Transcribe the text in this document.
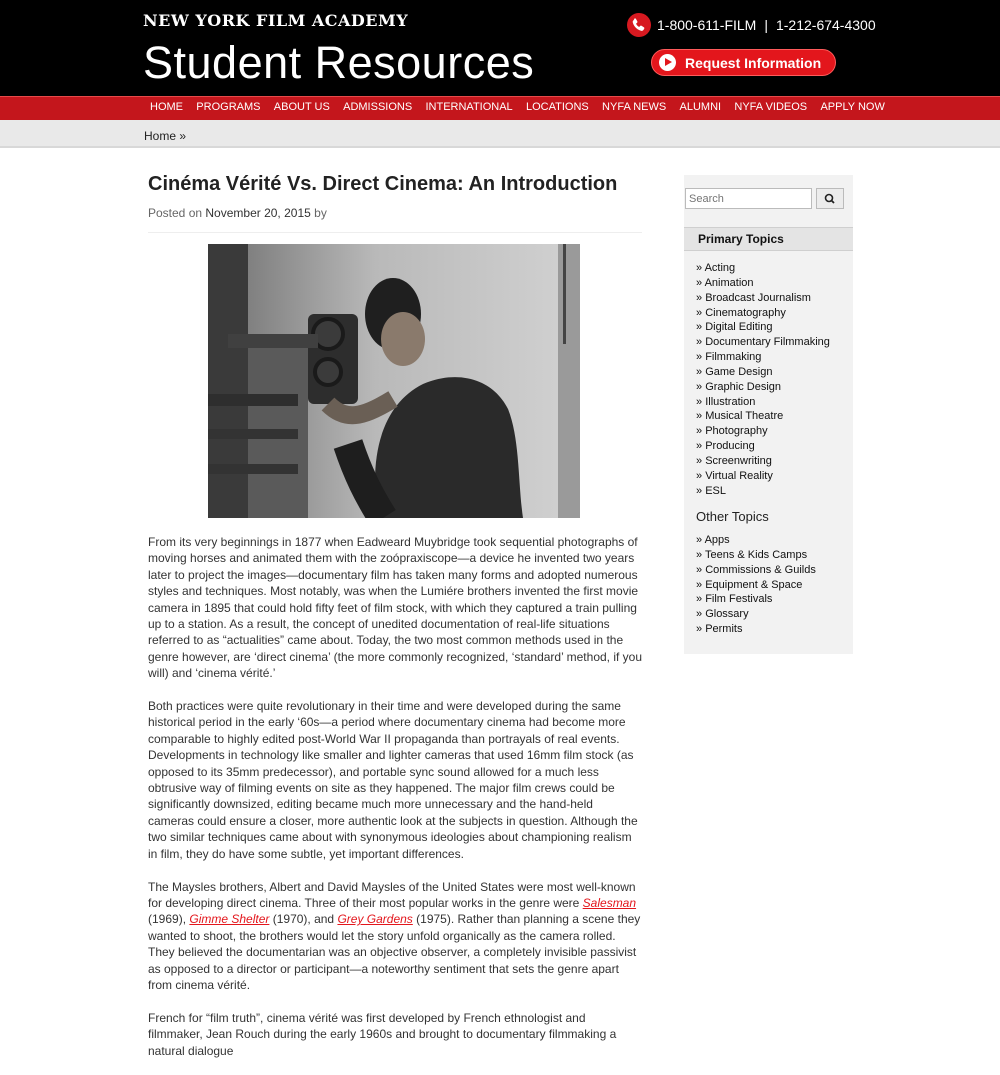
NEW YORK FILM ACADEMY
Student Resources
1-800-611-FILM | 1-212-674-4300
Request Information
HOME PROGRAMS ABOUT US ADMISSIONS INTERNATIONAL LOCATIONS NYFA NEWS ALUMNI NYFA VIDEOS APPLY NOW
Home »
Cinéma Vérité Vs. Direct Cinema: An Introduction
Posted on November 20, 2015 by

From its very beginnings in 1877 when Eadweard Muybridge took sequential photographs of moving horses and animated them with the zoópraxiscope—a device he invented two years later to project the images—documentary film has taken many forms and adopted numerous styles and techniques. Most notably, was when the Lumiére brothers invented the first movie camera in 1895 that could hold fifty feet of film stock, with which they captured a train pulling up to a station. As a result, the concept of unedited documentation of real-life situations referred to as “actualities” came about. Today, the two most common methods used in the genre however, are ‘direct cinema’ (the more commonly recognized, ‘standard’ method, if you will) and ‘cinema vérité.’

Both practices were quite revolutionary in their time and were developed during the same historical period in the early ‘60s—a period where documentary cinema had become more comparable to highly edited post-World War II propaganda than portrayals of real events. Developments in technology like smaller and lighter cameras that used 16mm film stock (as opposed to its 35mm predecessor), and portable sync sound allowed for a much less obtrusive way of filming events on site as they happened. The major film crews could be significantly downsized, editing became much more unnecessary and the hand-held cameras could ensure a closer, more authentic look at the subjects in question. Although the two similar techniques came about with synonymous ideologies about championing realism in film, they do have some subtle, yet important differences.

The Maysles brothers, Albert and David Maysles of the United States were most well-known for developing direct cinema. Three of their most popular works in the genre were Salesman (1969), Gimme Shelter (1970), and Grey Gardens (1975). Rather than planning a scene they wanted to shoot, the brothers would let the story unfold organically as the camera rolled. They believed the documentarian was an objective observer, a completely invisible passivist as opposed to a director or participant—a noteworthy sentiment that sets the genre apart from cinema vérité.

French for “film truth”, cinema vérité was first developed by French ethnologist and filmmaker, Jean Rouch during the early 1960s and brought to documentary filmmaking a natural dialogue

Search
Primary Topics
» Acting
» Animation
» Broadcast Journalism
» Cinematography
» Digital Editing
» Documentary Filmmaking
» Filmmaking
» Game Design
» Graphic Design
» Illustration
» Musical Theatre
» Photography
» Producing
» Screenwriting
» Virtual Reality
» ESL
Other Topics
» Apps
» Teens & Kids Camps
» Commissions & Guilds
» Equipment & Space
» Film Festivals
» Glossary
» Permits
